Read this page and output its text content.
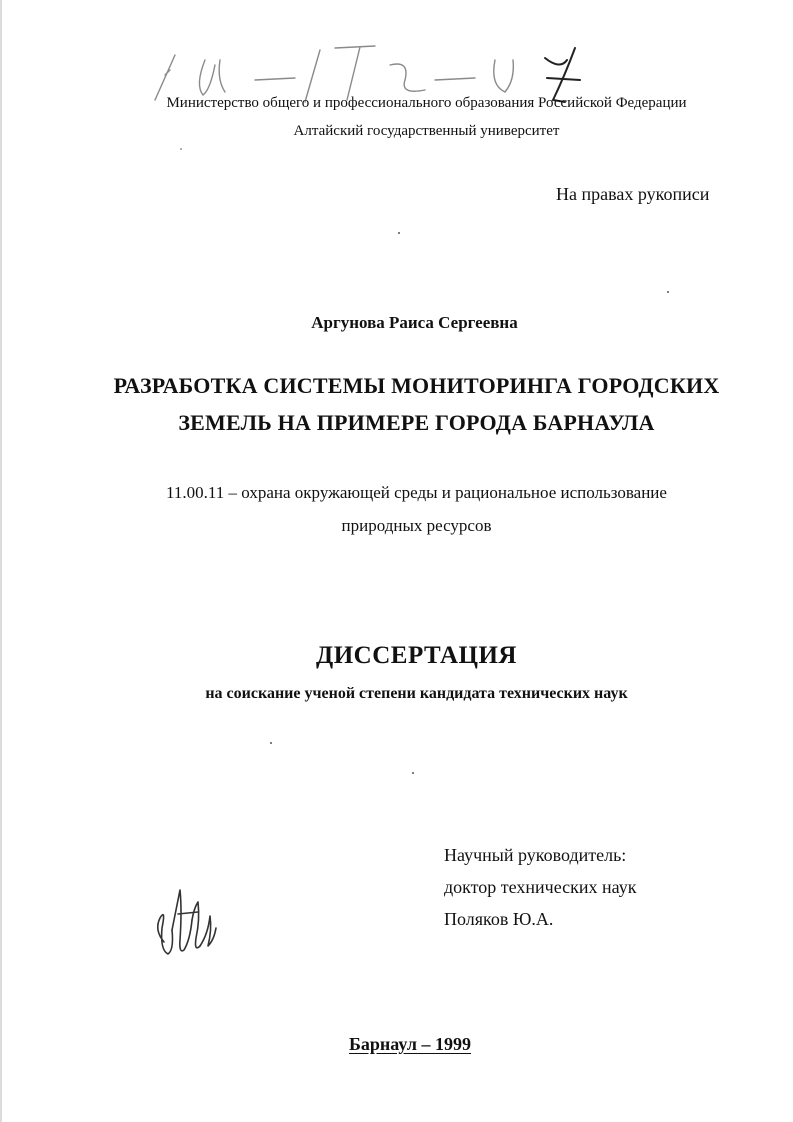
Министерство общего и профессионального образования Российской Федерации
Алтайский государственный университет
На правах рукописи
Аргунова Раиса Сергеевна
РАЗРАБОТКА СИСТЕМЫ МОНИТОРИНГА ГОРОДСКИХ
ЗЕМЕЛЬ НА ПРИМЕРЕ ГОРОДА БАРНАУЛА
11.00.11 – охрана окружающей среды и рациональное использование
природных ресурсов
ДИССЕРТАЦИЯ
на соискание ученой степени кандидата технических наук
Научный руководитель:
доктор технических наук
Поляков Ю.А.
Барнаул – 1999
